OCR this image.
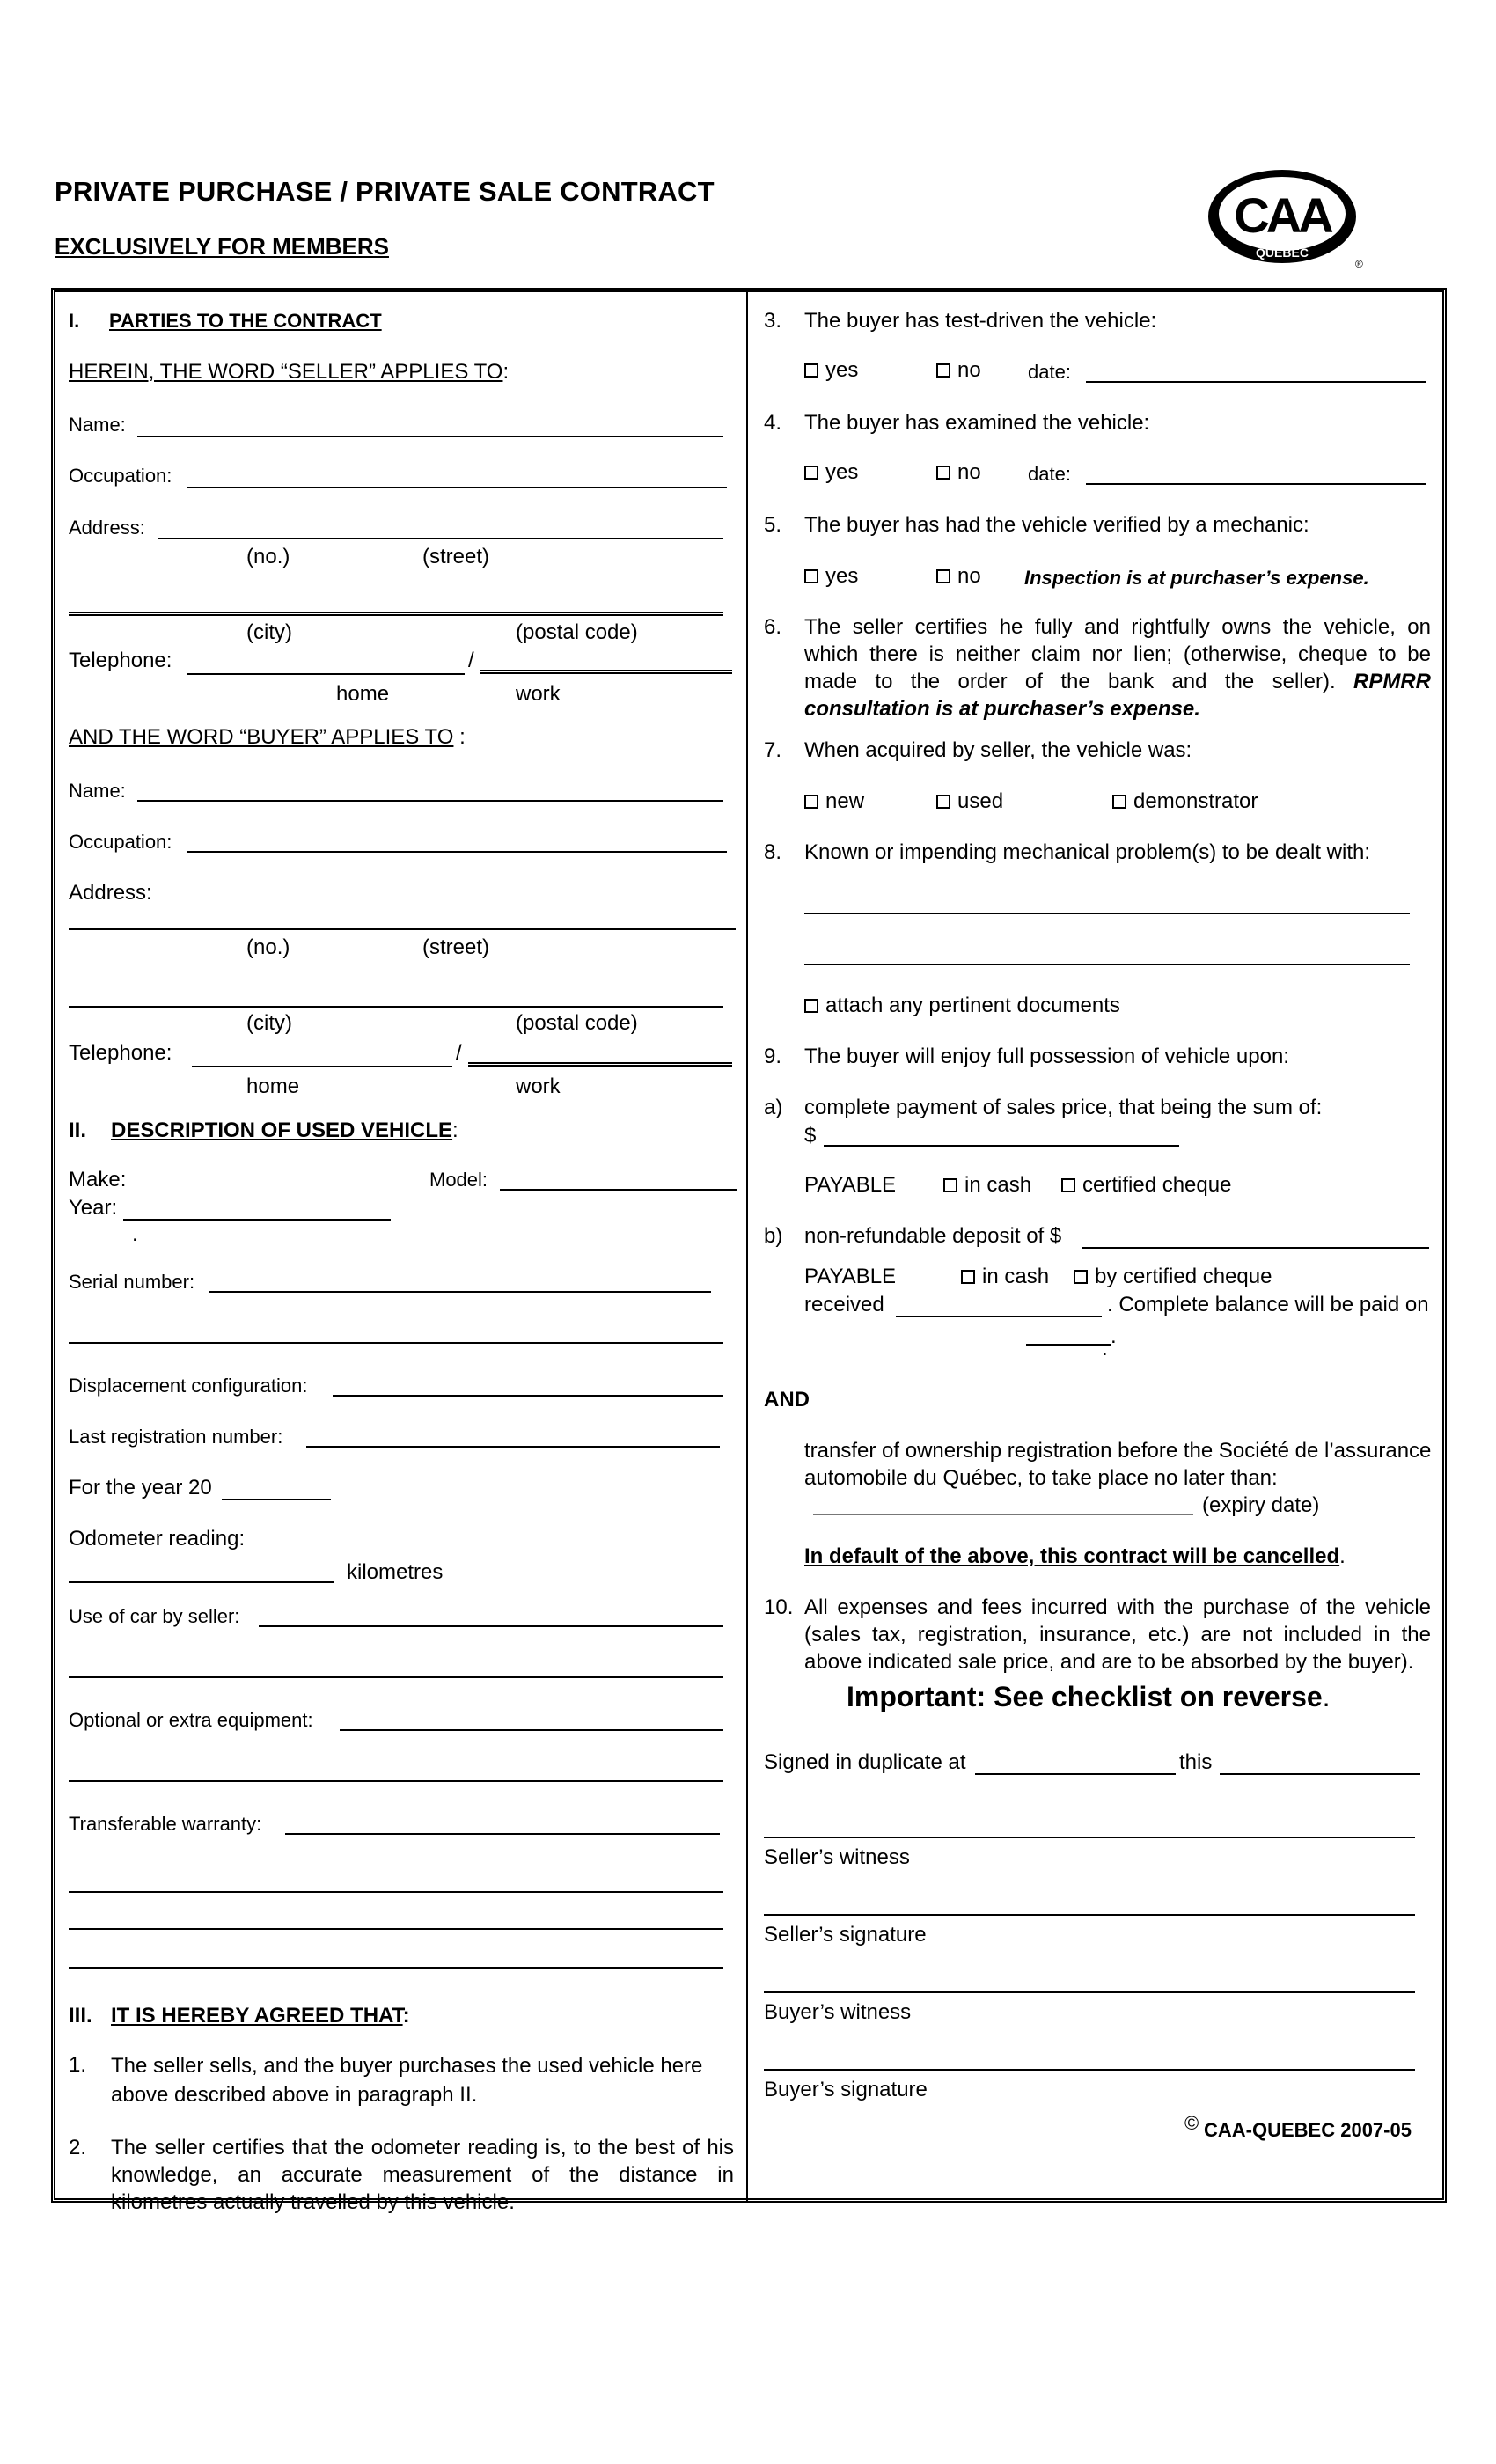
PRIVATE PURCHASE / PRIVATE SALE CONTRACT
EXCLUSIVELY FOR MEMBERS
CAA
QUEBEC
®
I. PARTIES TO THE CONTRACT
HEREIN, THE WORD “SELLER” APPLIES TO:
Name:
Occupation:
Address:
(no.)	(street)
(city)	(postal code)
Telephone:	/
home	work
AND THE WORD “BUYER” APPLIES TO :
Name:
Occupation:
Address:
(no.)	(street)
(city)	(postal code)
Telephone:	/
home	work
II. DESCRIPTION OF USED VEHICLE:
Make:	Model:
Year:
.
Serial number:
Displacement configuration:
Last registration number:
For the year 20
Odometer reading:
kilometres
Use of car by seller:
Optional or extra equipment:
Transferable warranty:
III. IT IS HEREBY AGREED THAT:
1. The seller sells, and the buyer purchases the used vehicle here above described above in paragraph II.
2. The seller certifies that the odometer reading is, to the best of his knowledge, an accurate measurement of the distance in kilometres actually travelled by this vehicle.
3. The buyer has test-driven the vehicle:
yes	no date:
4. The buyer has examined the vehicle:
yes	no date:
5. The buyer has had the vehicle verified by a mechanic:
yes	no Inspection is at purchaser’s expense.
6. The seller certifies he fully and rightfully owns the vehicle, on which there is neither claim nor lien; (otherwise, cheque to be made to the order of the bank and the seller). RPMRR consultation is at purchaser’s expense.
7. When acquired by seller, the vehicle was:
new	used	demonstrator
8. Known or impending mechanical problem(s) to be dealt with:
attach any pertinent documents
9. The buyer will enjoy full possession of vehicle upon:
a) complete payment of sales price, that being the sum of:
$
PAYABLE	in cash	certified cheque
b) non-refundable deposit of $
PAYABLE	in cash	by certified cheque
received	. Complete balance will be paid on
.
.
AND
transfer of ownership registration before the Société de l’assurance automobile du Québec, to take place no later than:
(expiry date)
In default of the above, this contract will be cancelled.
10. All expenses and fees incurred with the purchase of the vehicle (sales tax, registration, insurance, etc.) are not included in the above indicated sale price, and are to be absorbed by the buyer).
Important: See checklist on reverse.
Signed in duplicate at	this
Seller’s witness
Seller’s signature
Buyer’s witness
Buyer’s signature
© CAA-QUEBEC 2007-05
